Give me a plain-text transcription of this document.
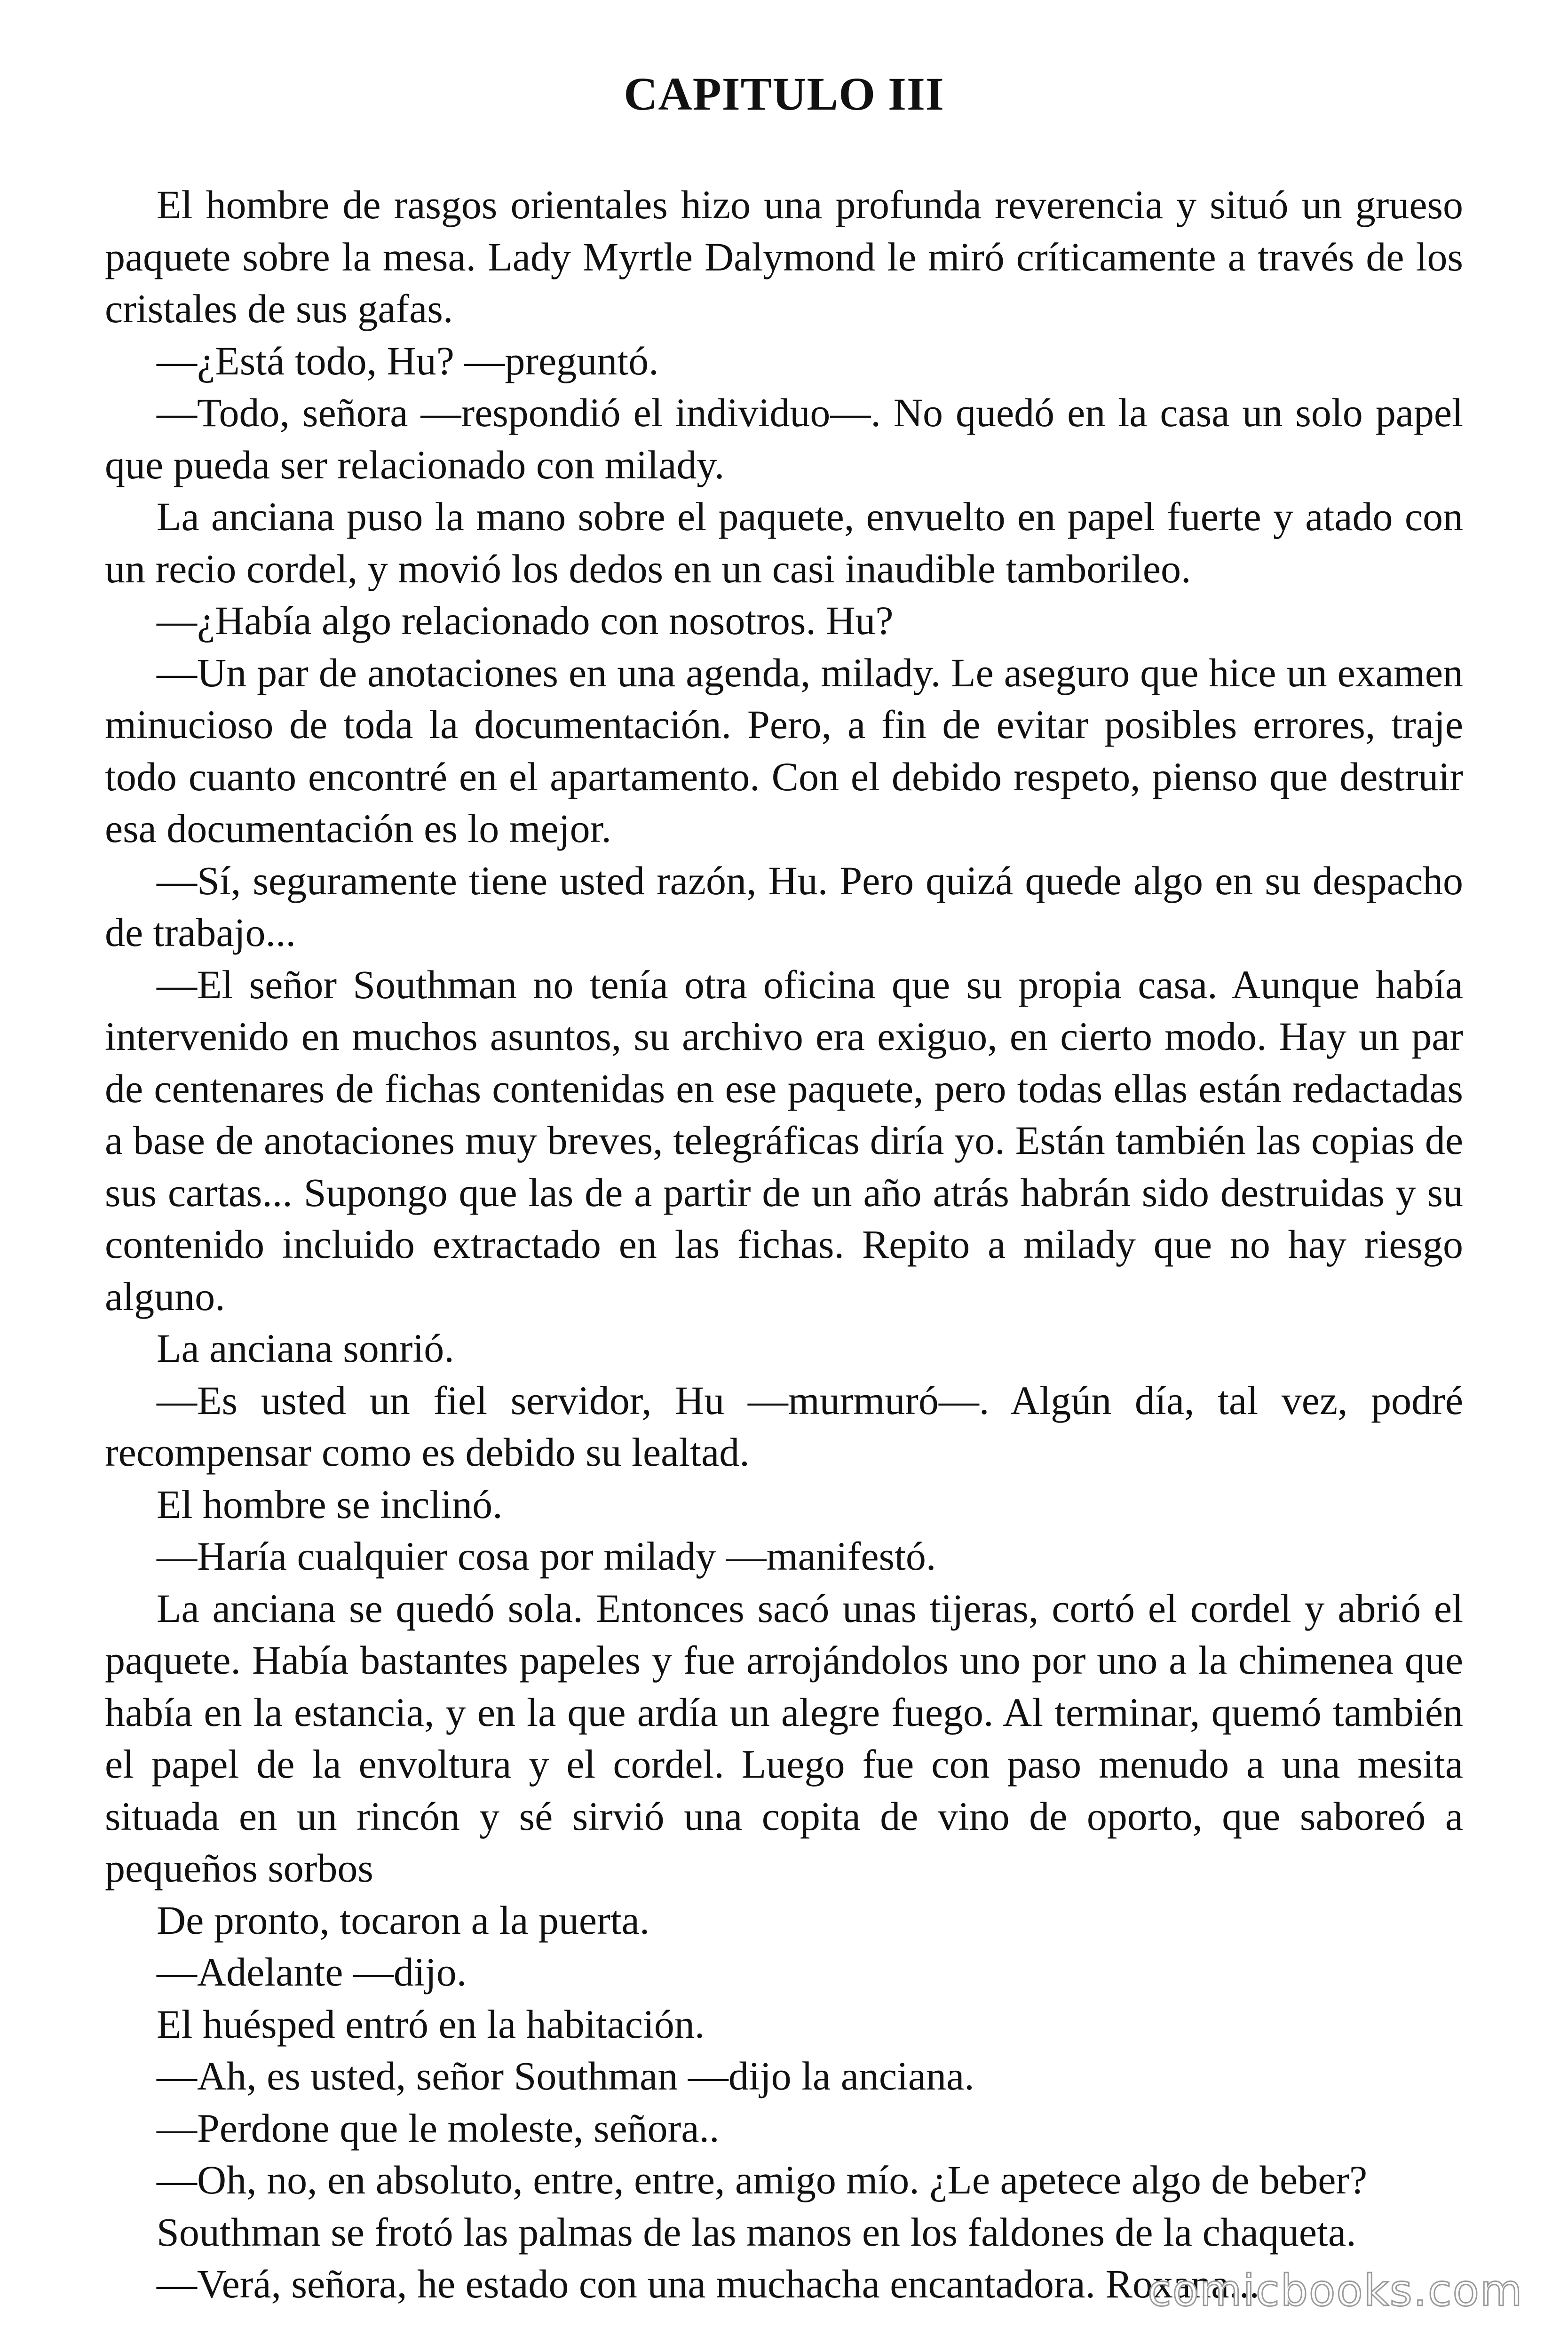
CAPITULO III

El hombre de rasgos orientales hizo una profunda reverencia y situó un grueso paquete sobre la mesa. Lady Myrtle Dalymond le miró críticamente a través de los cristales de sus gafas.

—¿Está todo, Hu? —preguntó.

—Todo, señora —respondió el individuo—. No quedó en la casa un solo papel que pueda ser relacionado con milady.

La anciana puso la mano sobre el paquete, envuelto en papel fuerte y atado con un recio cordel, y movió los dedos en un casi inaudible tamborileo.

—¿Había algo relacionado con nosotros. Hu?

—Un par de anotaciones en una agenda, milady. Le aseguro que hice un examen minucioso de toda la documentación. Pero, a fin de evitar posibles errores, traje todo cuanto encontré en el apartamento. Con el debido respeto, pienso que destruir esa documentación es lo mejor.

—Sí, seguramente tiene usted razón, Hu. Pero quizá quede algo en su despacho de trabajo...

—El señor Southman no tenía otra oficina que su propia casa. Aunque había intervenido en muchos asuntos, su archivo era exiguo, en cierto modo. Hay un par de centenares de fichas contenidas en ese paquete, pero todas ellas están redactadas a base de anotaciones muy breves, telegráficas diría yo. Están también las copias de sus cartas... Supongo que las de a partir de un año atrás habrán sido destruidas y su contenido incluido extractado en las fichas. Repito a milady que no hay riesgo alguno.

La anciana sonrió.

—Es usted un fiel servidor, Hu —murmuró—. Algún día, tal vez, podré recompensar como es debido su lealtad.

El hombre se inclinó.

—Haría cualquier cosa por milady —manifestó.

La anciana se quedó sola. Entonces sacó unas tijeras, cortó el cordel y abrió el paquete. Había bastantes papeles y fue arrojándolos uno por uno a la chimenea que había en la estancia, y en la que ardía un alegre fuego. Al terminar, quemó también el papel de la envoltura y el cordel. Luego fue con paso menudo a una mesita situada en un rincón y sé sirvió una copita de vino de oporto, que saboreó a pequeños sorbos

De pronto, tocaron a la puerta.

—Adelante —dijo.

El huésped entró en la habitación.

—Ah, es usted, señor Southman —dijo la anciana.

—Perdone que le moleste, señora..

—Oh, no, en absoluto, entre, entre, amigo mío. ¿Le apetece algo de beber?

Southman se frotó las palmas de las manos en los faldones de la chaqueta.

—Verá, señora, he estado con una muchacha encantadora. Roxana...

comicbooks.com
